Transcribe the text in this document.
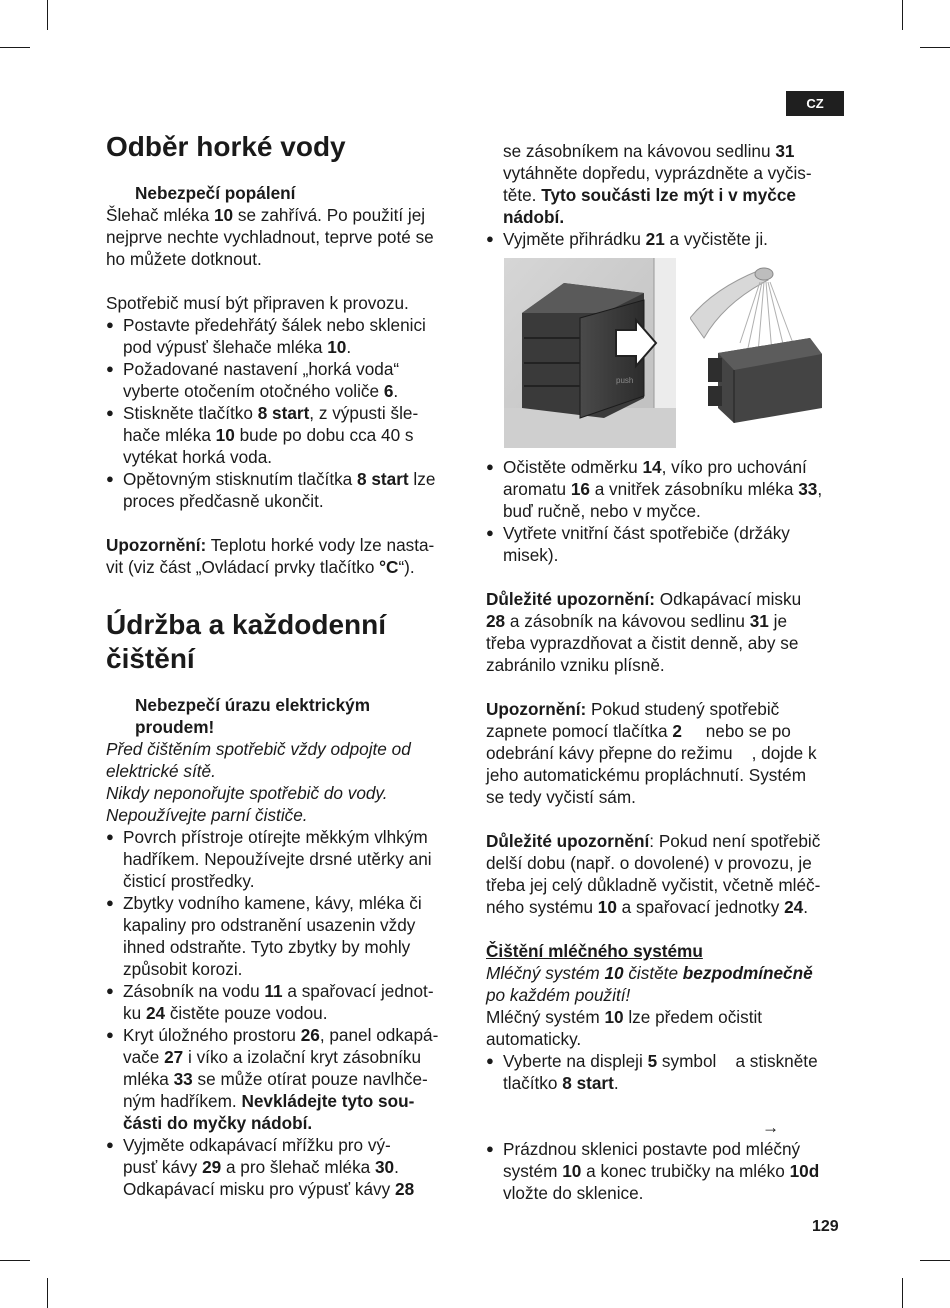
CZ
Odběr horké vody

Nebezpečí popálení

Šlehač mléka 10 se zahřívá. Po použití jej

nejprve nechte vychladnout, teprve poté se

ho můžete dotknout.

Spotřebič musí být připraven k provozu.

● Postavte předehřátý šálek nebo sklenici
pod výpusť šlehače mléka 10.
● Požadované nastavení „horká voda“
vyberte otočením otočného voliče 6.
● Stiskněte tlačítko 8 start, z výpusti šle-
hače mléka 10 bude po dobu cca 40 s
vytékat horká voda.
● Opětovným stisknutím tlačítka 8 start lze
proces předčasně ukončit.

Upozornění: Teplotu horké vody lze nasta-
vit (viz část „Ovládací prvky tlačítko °C“).

Údržba a každodenní
čištění

Nebezpečí úrazu elektrickým
proudem!

Před čištěním spotřebič vždy odpojte od
elektrické sítě.
Nikdy neponořujte spotřebič do vody.
Nepoužívejte parní čističe.

● Povrch přístroje otírejte měkkým vlhkým
hadříkem. Nepoužívejte drsné utěrky ani
čisticí prostředky.
● Zbytky vodního kamene, kávy, mléka či
kapaliny pro odstranění usazenin vždy
ihned odstraňte. Tyto zbytky by mohly
způsobit korozi.
● Zásobník na vodu 11 a spařovací jednot-
ku 24 čistěte pouze vodou.
● Kryt úložného prostoru 26, panel odkapá-
vače 27 i víko a izolační kryt zásobníku
mléka 33 se může otírat pouze navlhče-
ným hadříkem. Nevkládejte tyto sou-
části do myčky nádobí.
● Vyjměte odkapávací mřížku pro vý-
pusť kávy 29 a pro šlehač mléka 30.
Odkapávací misku pro výpusť kávy 28

se zásobníkem na kávovou sedlinu 31
vytáhněte dopředu, vyprázdněte a vyčis-
těte. Tyto součásti lze mýt i v myčce
nádobí.

● Vyjměte přihrádku 21 a vyčistěte ji.
push
● Očistěte odměrku 14, víko pro uchování
aromatu 16 a vnitřek zásobníku mléka 33,
buď ručně, nebo v myčce.
● Vytřete vnitřní část spotřebiče (držáky
misek).

Důležité upozornění: Odkapávací misku
28 a zásobník na kávovou sedlinu 31 je
třeba vyprazdňovat a čistit denně, aby se
zabránilo vzniku plísně.

Upozornění: Pokud studený spotřebič
zapnete pomocí tlačítka 2     nebo se po
odebrání kávy přepne do režimu    , dojde k
jeho automatickému propláchnutí. Systém
se tedy vyčistí sám.

Důležité upozornění: Pokud není spotřebič
delší dobu (např. o dovolené) v provozu, je
třeba jej celý důkladně vyčistit, včetně mléč-
ného systému 10 a spařovací jednotky 24.

Čištění mléčného systému

Mléčný systém 10 čistěte bezpodmínečně
po každém použití!

Mléčný systém 10 lze předem očistit
automaticky.

● Vyberte na displeji 5 symbol    a stiskněte
tlačítko 8 start.

→

● Prázdnou sklenici postavte pod mléčný
systém 10 a konec trubičky na mléko 10d
vložte do sklenice.
129
